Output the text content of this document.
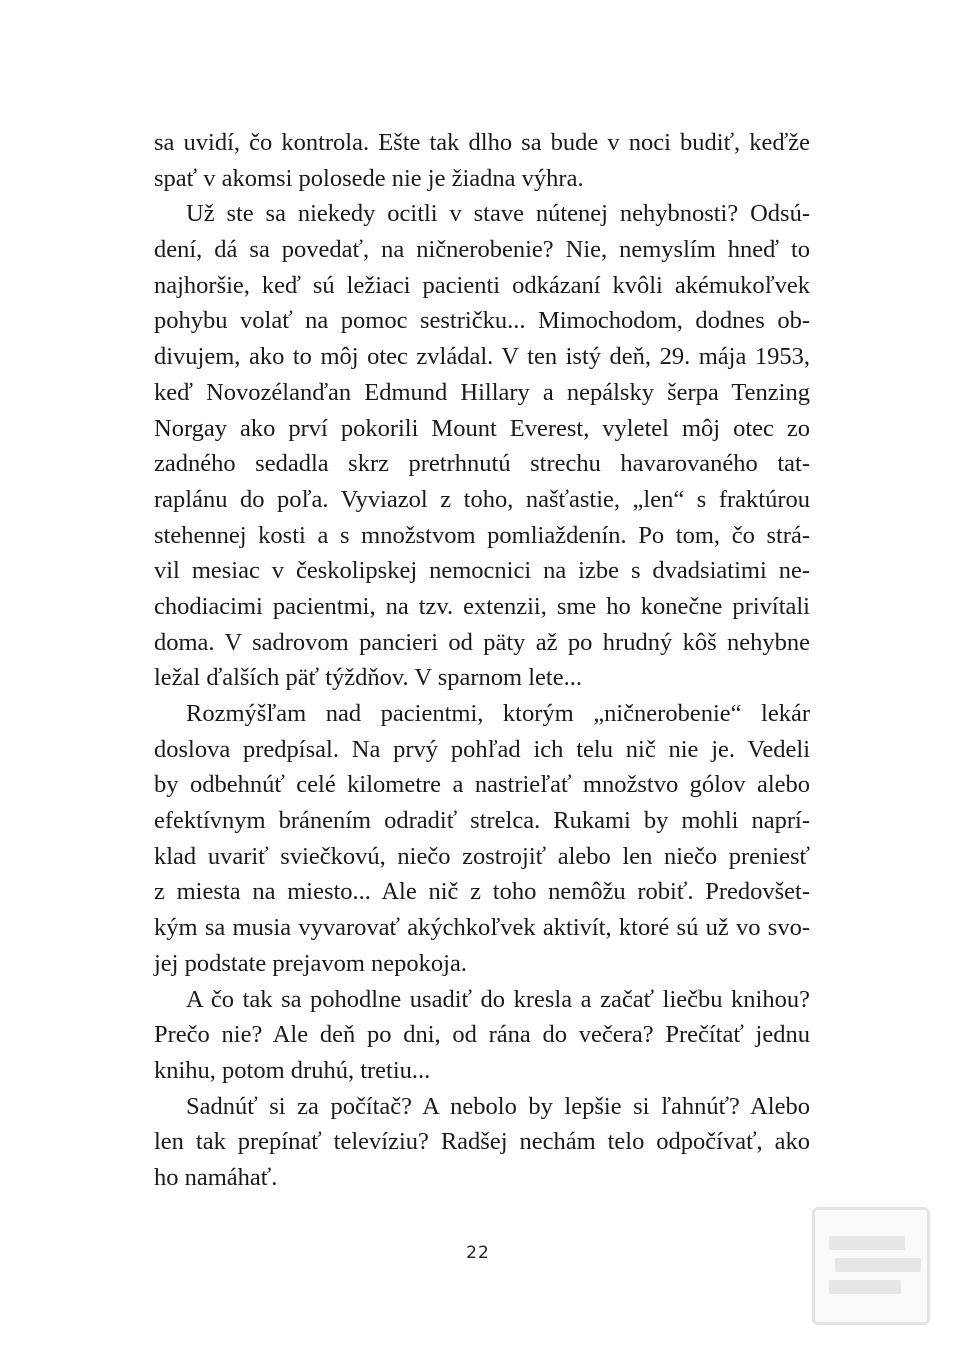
sa uvidí, čo kontrola. Ešte tak dlho sa bude v noci budiť, keďže
spať v akomsi polosede nie je žiadna výhra.
Už ste sa niekedy ocitli v stave nútenej nehybnosti? Odsú-
dení, dá sa povedať, na ničnerobenie? Nie, nemyslím hneď to
najhoršie, keď sú ležiaci pacienti odkázaní kvôli akémukoľvek
pohybu volať na pomoc sestričku... Mimochodom, dodnes ob-
divujem, ako to môj otec zvládal. V ten istý deň, 29. mája 1953,
keď Novozélanďan Edmund Hillary a nepálsky šerpa Tenzing
Norgay ako prví pokorili Mount Everest, vyletel môj otec zo
zadného sedadla skrz pretrhnutú strechu havarovaného tat-
raplánu do poľa. Vyviazol z toho, našťastie, „len“ s fraktúrou
stehennej kosti a s množstvom pomliaždenín. Po tom, čo strá-
vil mesiac v českolipskej nemocnici na izbe s dvadsiatimi ne-
chodiacimi pacientmi, na tzv. extenzii, sme ho konečne privítali
doma. V sadrovom pancieri od päty až po hrudný kôš nehybne
ležal ďalších päť týždňov. V sparnom lete...
Rozmýšľam nad pacientmi, ktorým „ničnerobenie“ lekár
doslova predpísal. Na prvý pohľad ich telu nič nie je. Vedeli
by odbehnúť celé kilometre a nastrieľať množstvo gólov alebo
efektívnym bránením odradiť strelca. Rukami by mohli naprí-
klad uvariť sviečkovú, niečo zostrojiť alebo len niečo preniesť
z miesta na miesto... Ale nič z toho nemôžu robiť. Predovšet-
kým sa musia vyvarovať akýchkoľvek aktivít, ktoré sú už vo svo-
jej podstate prejavom nepokoja.
A čo tak sa pohodlne usadiť do kresla a začať liečbu knihou?
Prečo nie? Ale deň po dni, od rána do večera? Prečítať jednu
knihu, potom druhú, tretiu...
Sadnúť si za počítač? A nebolo by lepšie si ľahnúť? Alebo
len tak prepínať televíziu? Radšej nechám telo odpočívať, ako
ho namáhať.
22
